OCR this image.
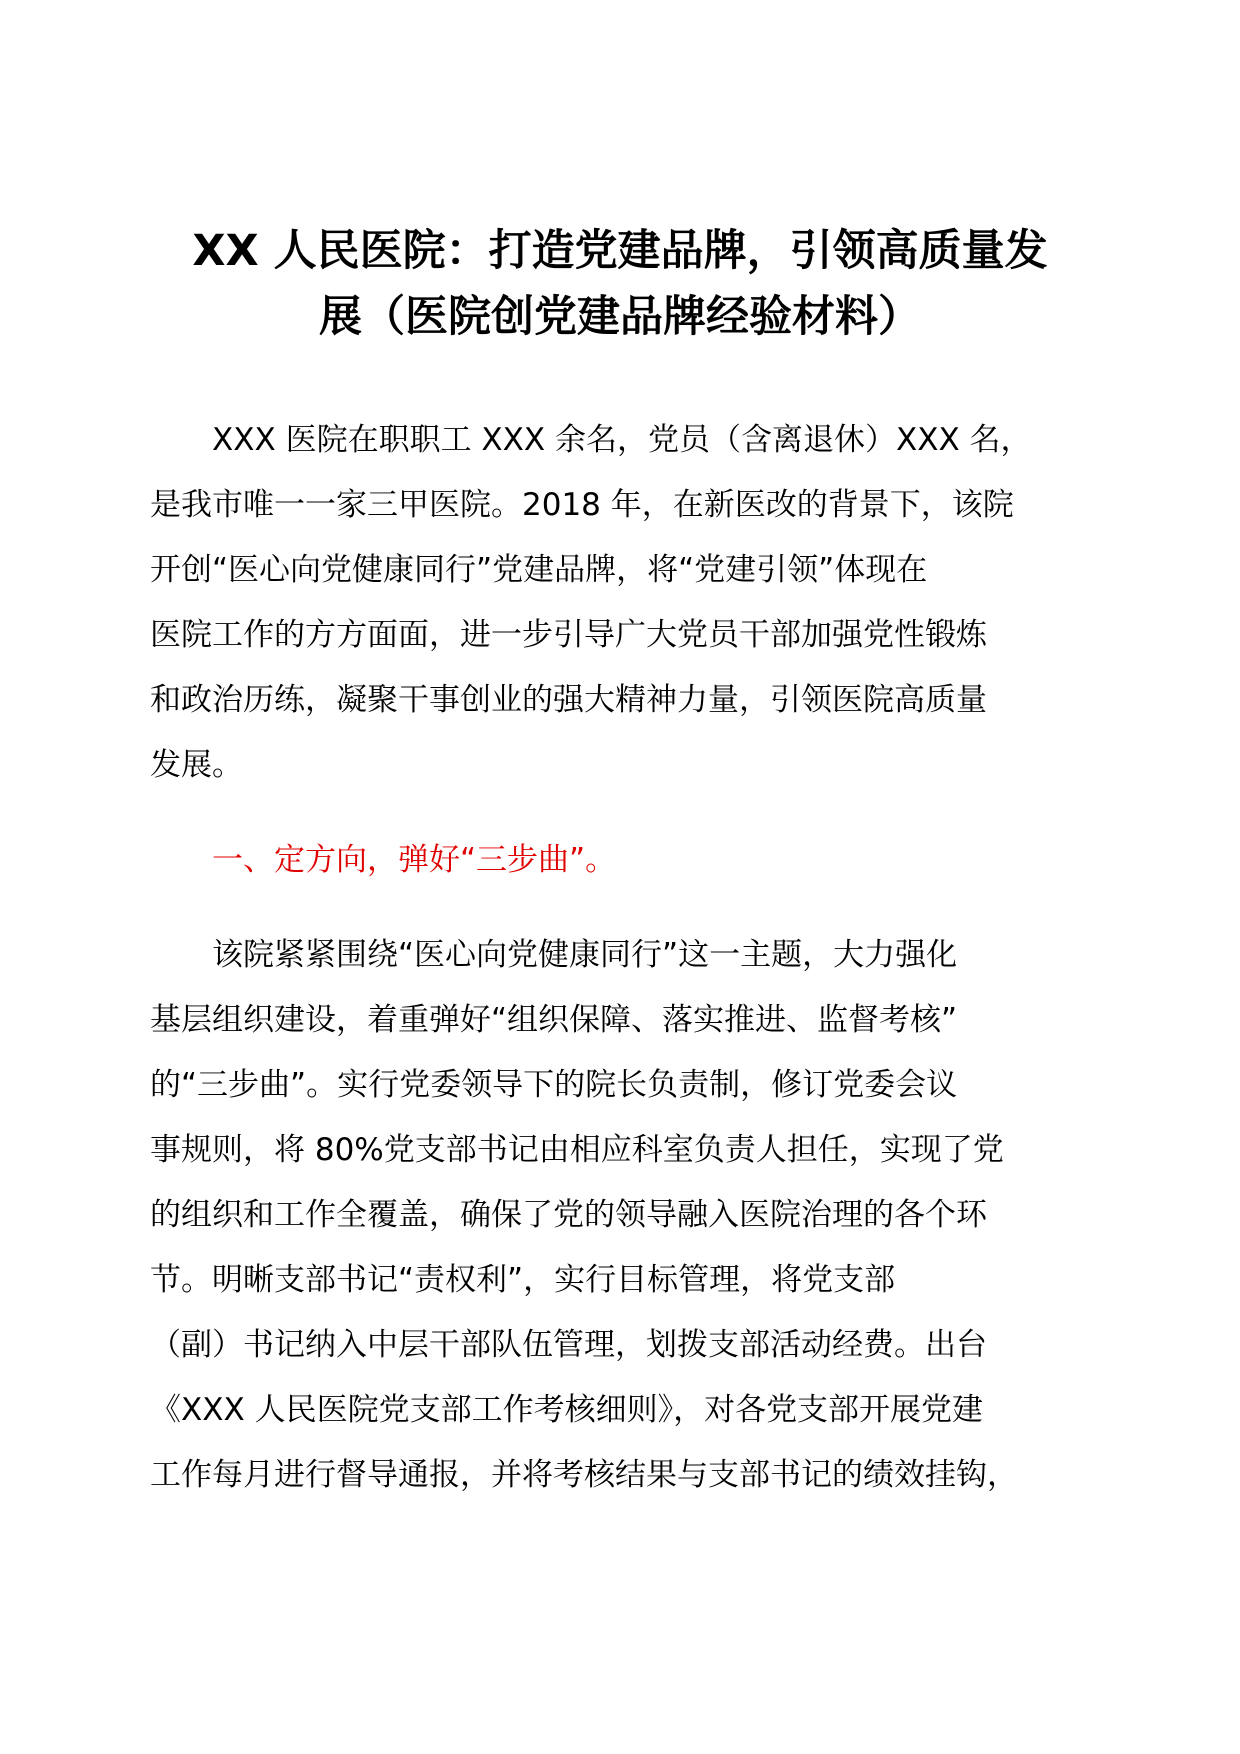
XX 人民医院：打造党建品牌，引领高质量发
展（医院创党建品牌经验材料）

XXX 医院在职职工 XXX 余名，党员（含离退休）XXX 名，
是我市唯一一家三甲医院。2018 年，在新医改的背景下，该院
开创“医心向党健康同行”党建品牌，将“党建引领”体现在
医院工作的方方面面，进一步引导广大党员干部加强党性锻炼
和政治历练，凝聚干事创业的强大精神力量，引领医院高质量
发展。

一、定方向，弹好“三步曲”。

该院紧紧围绕“医心向党健康同行”这一主题，大力强化
基层组织建设，着重弹好“组织保障、落实推进、监督考核”
的“三步曲”。实行党委领导下的院长负责制，修订党委会议
事规则，将 80%党支部书记由相应科室负责人担任，实现了党
的组织和工作全覆盖，确保了党的领导融入医院治理的各个环
节。明晰支部书记“责权利”，实行目标管理，将党支部
（副）书记纳入中层干部队伍管理，划拨支部活动经费。出台
《XXX 人民医院党支部工作考核细则》，对各党支部开展党建
工作每月进行督导通报，并将考核结果与支部书记的绩效挂钩，
